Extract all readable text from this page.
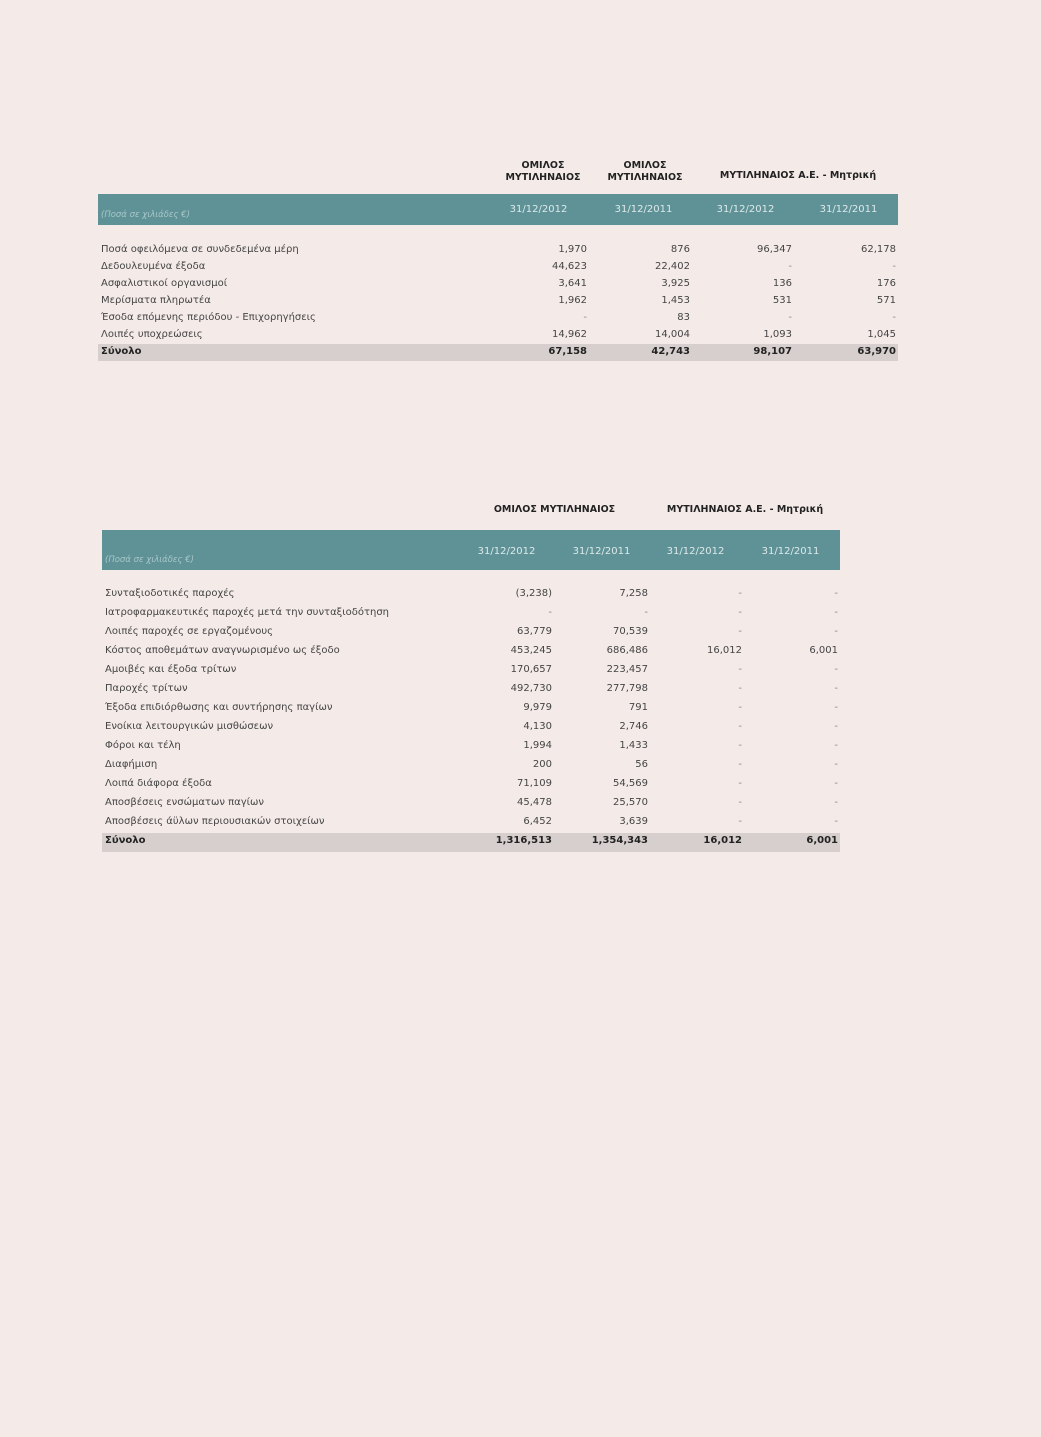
ΟΜΙΛΟΣ
ΜΥΤΙΛΗΝΑΙΟΣ
ΟΜΙΛΟΣ
ΜΥΤΙΛΗΝΑΙΟΣ	ΜΥΤΙΛΗΝΑΙΟΣ Α.Ε. - Μητρική
(Ποσά σε χιλιάδες €)	31/12/2012	31/12/2011	31/12/2012	31/12/2011
Ποσά οφειλόμενα σε συνδεδεμένα μέρη	1,970	876	96,347	62,178
Δεδουλευμένα έξοδα	44,623	22,402	-	-
Ασφαλιστικοί οργανισμοί	3,641	3,925	136	176
Μερίσματα πληρωτέα	1,962	1,453	531	571
Έσοδα επόμενης περιόδου - Επιχορηγήσεις	-	83	-	-
Λοιπές υποχρεώσεις	14,962	14,004	1,093	1,045
Σύνολο	67,158	42,743	98,107	63,970
ΟΜΙΛΟΣ ΜΥΤΙΛΗΝΑΙΟΣ	ΜΥΤΙΛΗΝΑΙΟΣ Α.Ε. - Μητρική
(Ποσά σε χιλιάδες €)
31/12/2012	31/12/2011	31/12/2012	31/12/2011
Συνταξιοδοτικές παροχές	(3,238)	7,258	-	-
Ιατροφαρμακευτικές παροχές μετά την συνταξιοδότηση	-	-	-	-
Λοιπές παροχές σε εργαζομένους	63,779	70,539	-	-
Κόστος αποθεμάτων αναγνωρισμένο ως έξοδο	453,245	686,486	16,012	6,001
Αμοιβές και έξοδα τρίτων	170,657	223,457	-	-
Παροχές τρίτων	492,730	277,798	-	-
Έξοδα επιδιόρθωσης και συντήρησης παγίων	9,979	791	-	-
Ενοίκια λειτουργικών μισθώσεων	4,130	2,746	-	-
Φόροι και τέλη	1,994	1,433	-	-
Διαφήμιση	200	56	-	-
Λοιπά διάφορα έξοδα	71,109	54,569	-	-
Αποσβέσεις ενσώματων παγίων	45,478	25,570	-	-
Αποσβέσεις άϋλων περιουσιακών στοιχείων	6,452	3,639	-	-
Σύνολο	1,316,513	1,354,343	16,012	6,001
